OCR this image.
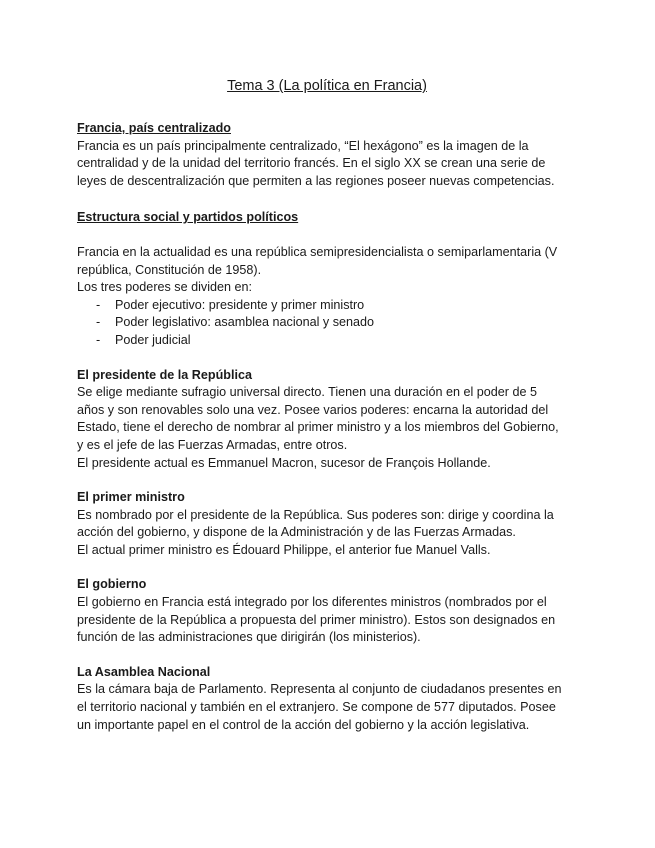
Tema 3 (La política en Francia)
Francia, país centralizado
Francia es un país principalmente centralizado, “El hexágono” es la imagen de la
centralidad y de la unidad del territorio francés. En el siglo XX se crean una serie de
leyes de descentralización que permiten a las regiones poseer nuevas competencias.
Estructura social y partidos políticos
Francia en la actualidad es una república semipresidencialista o semiparlamentaria (V
república, Constitución de 1958).
Los tres poderes se dividen en:
- Poder ejecutivo: presidente y primer ministro
- Poder legislativo: asamblea nacional y senado
- Poder judicial
El presidente de la República
Se elige mediante sufragio universal directo. Tienen una duración en el poder de 5
años y son renovables solo una vez. Posee varios poderes: encarna la autoridad del
Estado, tiene el derecho de nombrar al primer ministro y a los miembros del Gobierno,
y es el jefe de las Fuerzas Armadas, entre otros.
El presidente actual es Emmanuel Macron, sucesor de François Hollande.
El primer ministro
Es nombrado por el presidente de la República. Sus poderes son: dirige y coordina la
acción del gobierno, y dispone de la Administración y de las Fuerzas Armadas.
El actual primer ministro es Édouard Philippe, el anterior fue Manuel Valls.
El gobierno
El gobierno en Francia está integrado por los diferentes ministros (nombrados por el
presidente de la República a propuesta del primer ministro). Estos son designados en
función de las administraciones que dirigirán (los ministerios).
La Asamblea Nacional
Es la cámara baja de Parlamento. Representa al conjunto de ciudadanos presentes en
el territorio nacional y también en el extranjero. Se compone de 577 diputados. Posee
un importante papel en el control de la acción del gobierno y la acción legislativa.
